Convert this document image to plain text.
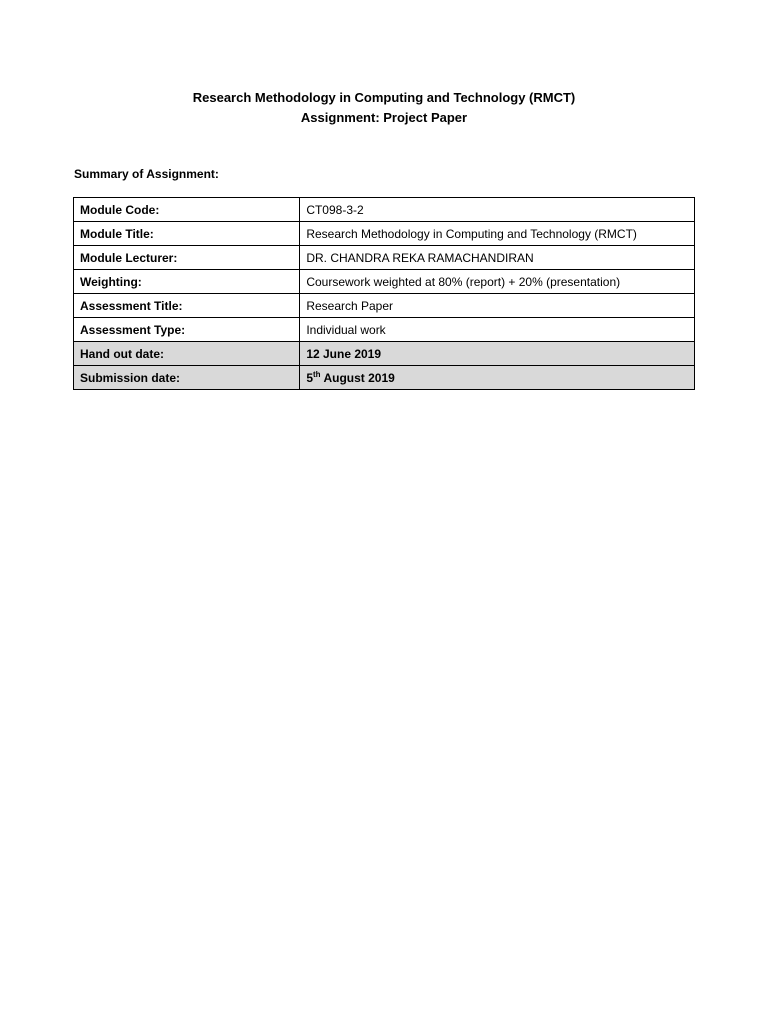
Research Methodology in Computing and Technology (RMCT)
Assignment: Project Paper
Summary of Assignment:
Module Code:	CT098-3-2
Module Title:	Research Methodology in Computing and Technology (RMCT)
Module Lecturer:	DR. CHANDRA REKA RAMACHANDIRAN
Weighting:	Coursework weighted at 80% (report) + 20% (presentation)
Assessment Title:	Research Paper
Assessment Type:	Individual work
Hand out date:	12 June 2019
Submission date:	5th August 2019
